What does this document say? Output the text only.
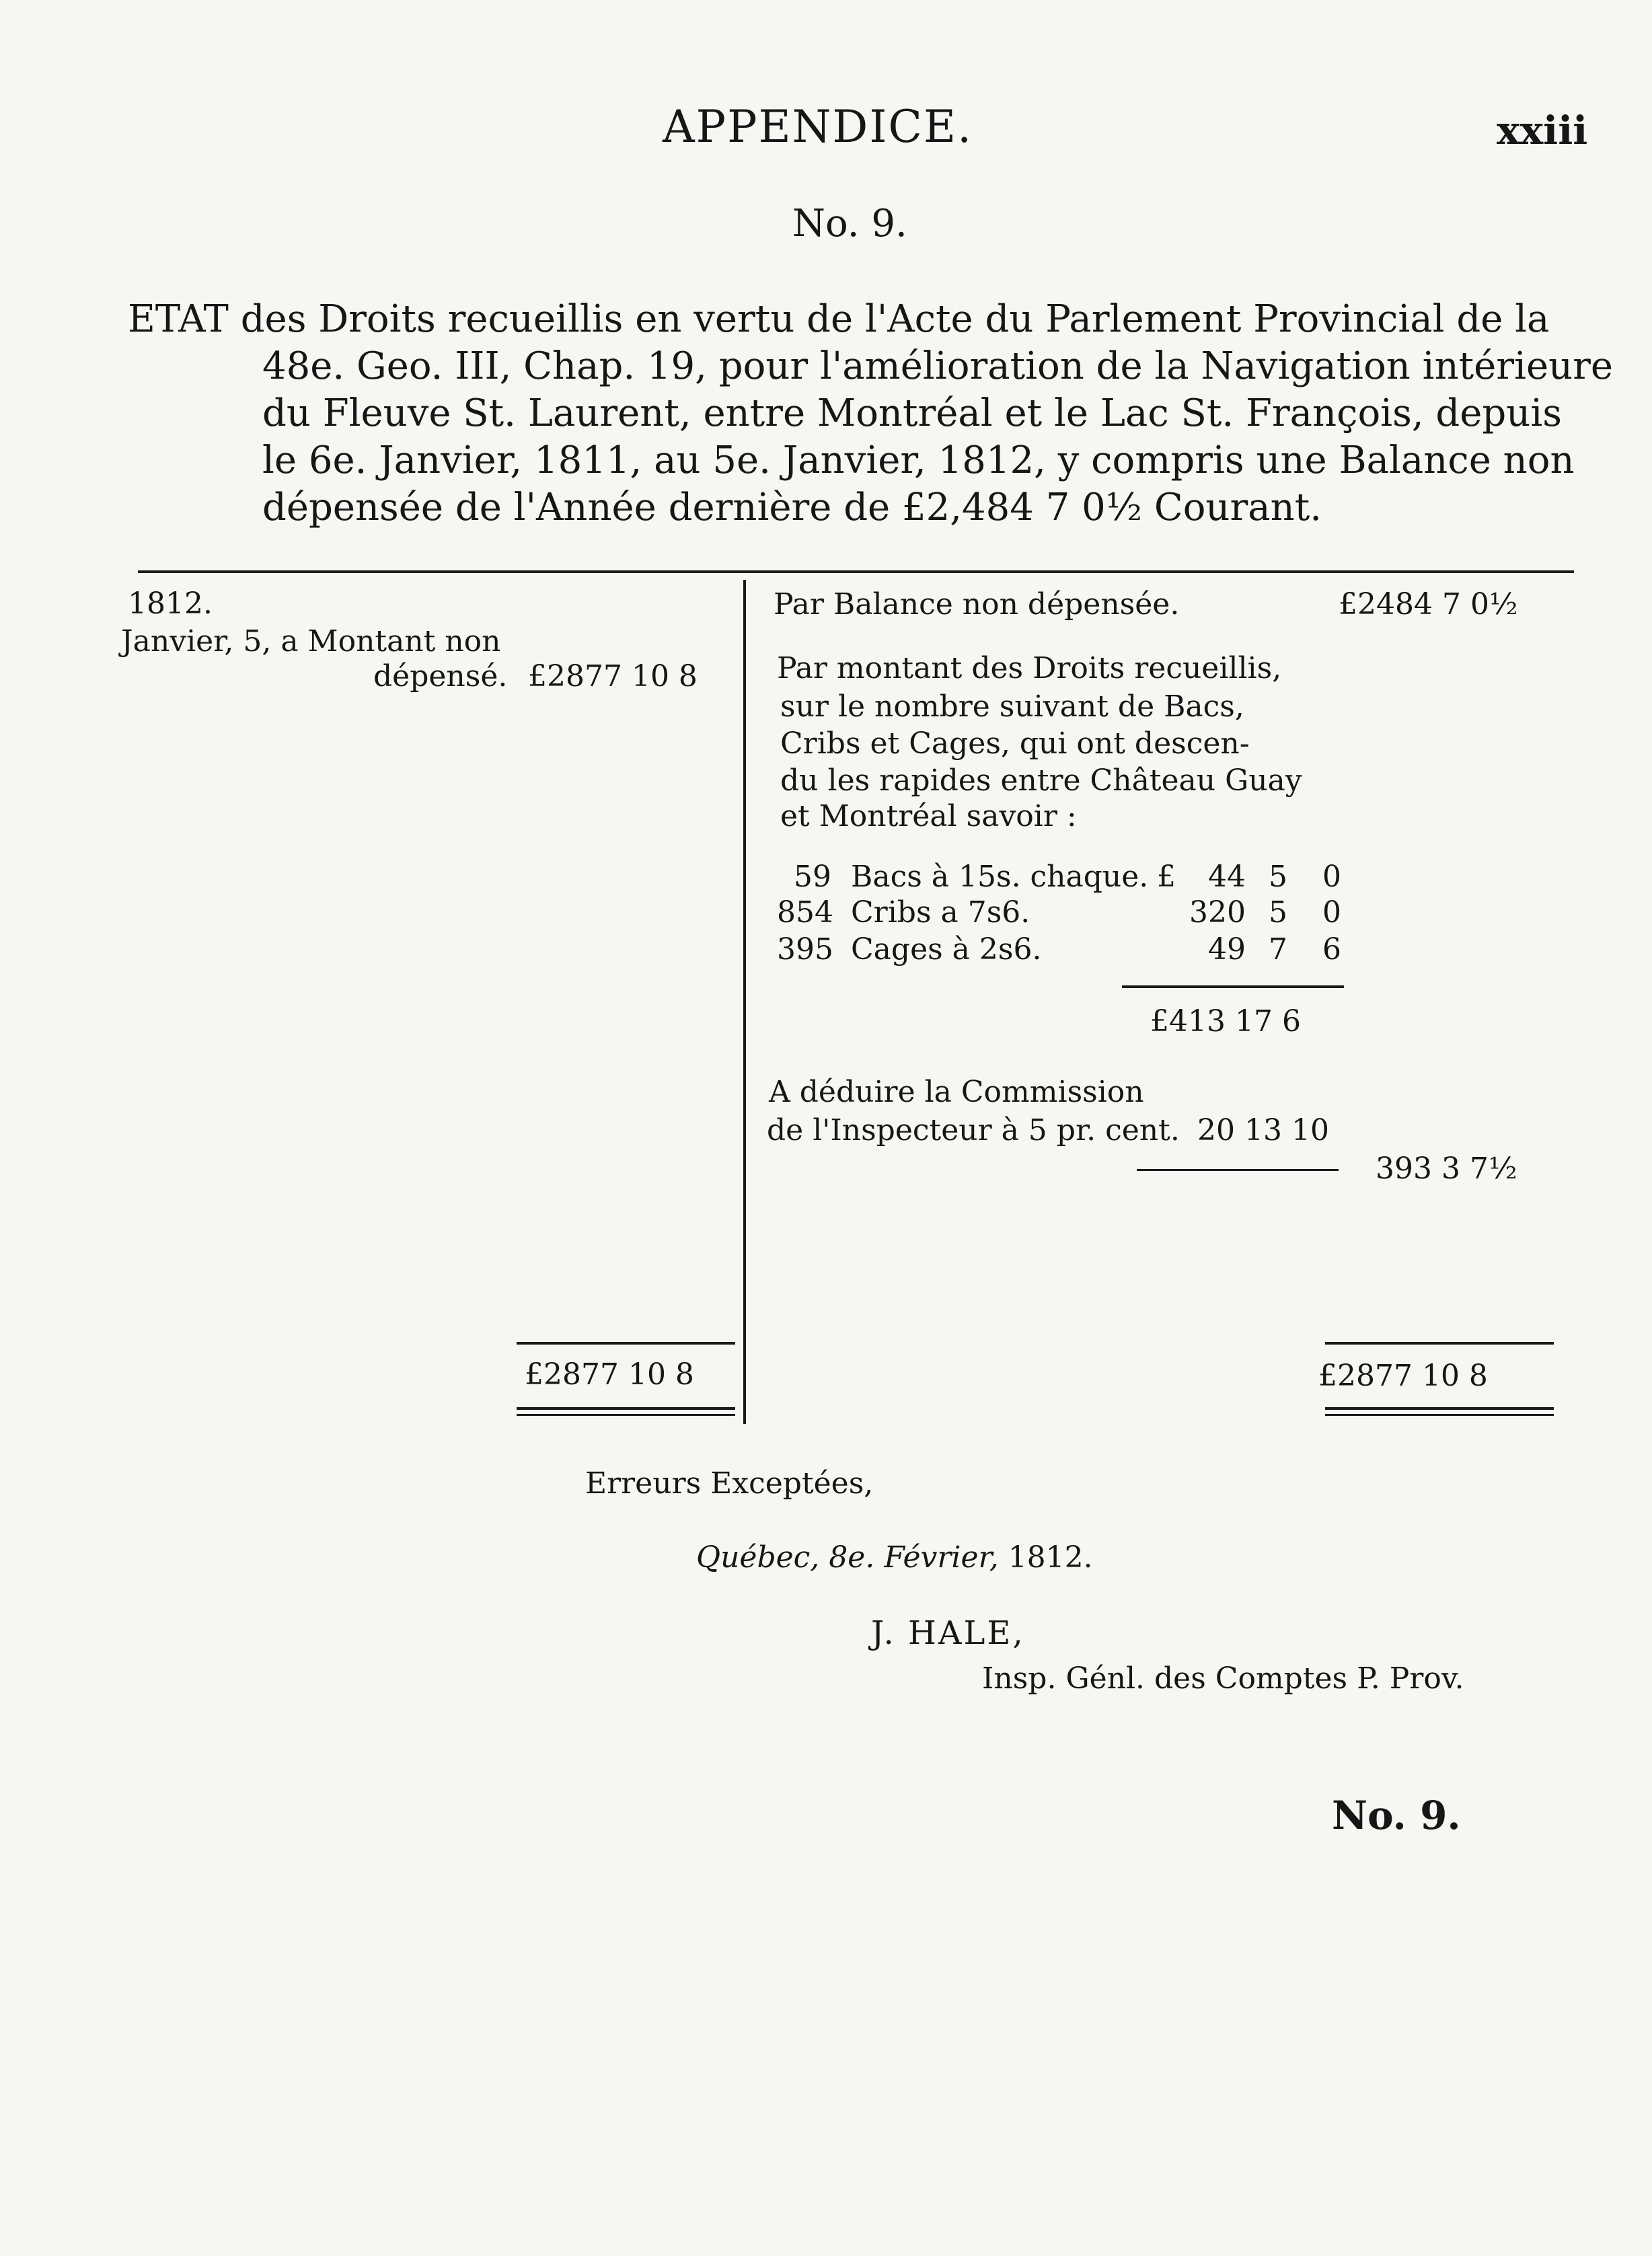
APPENDICE.	xxiii
No. 9.
ETAT des Droits recueillis en vertu de l'Acte du Parlement Provincial de la
48e. Geo. III, Chap. 19, pour l'amélioration de la Navigation intérieure
du Fleuve St. Laurent, entre Montréal et le Lac St. François, depuis
le 6e. Janvier, 1811, au 5e. Janvier, 1812, y compris une Balance non
dépensée de l'Année dernière de £2,484 7 0½ Courant.
1812.
Janvier, 5, a Montant non
dépensé. £2877 10 8
£2877 10 8
Par Balance non dépensée.	£2484 7 0½
Par montant des Droits recueillis,
sur le nombre suivant de Bacs,
Cribs et Cages, qui ont descen-
du les rapides entre Château Guay
et Montréal savoir :
59 Bacs à 15s. chaque. £	44 5 0
854 Cribs a 7s6.	320 5 0
395 Cages à 2s6.	49 7 6
£413 17 6
A déduire la Commission
de l'Inspecteur à 5 pr. cent. 20 13 10
393 3 7½
£2877 10 8
Erreurs Exceptées,
Québec, 8e. Février, 1812.
J. HALE,
Insp. Génl. des Comptes P. Prov.
No. 9.
